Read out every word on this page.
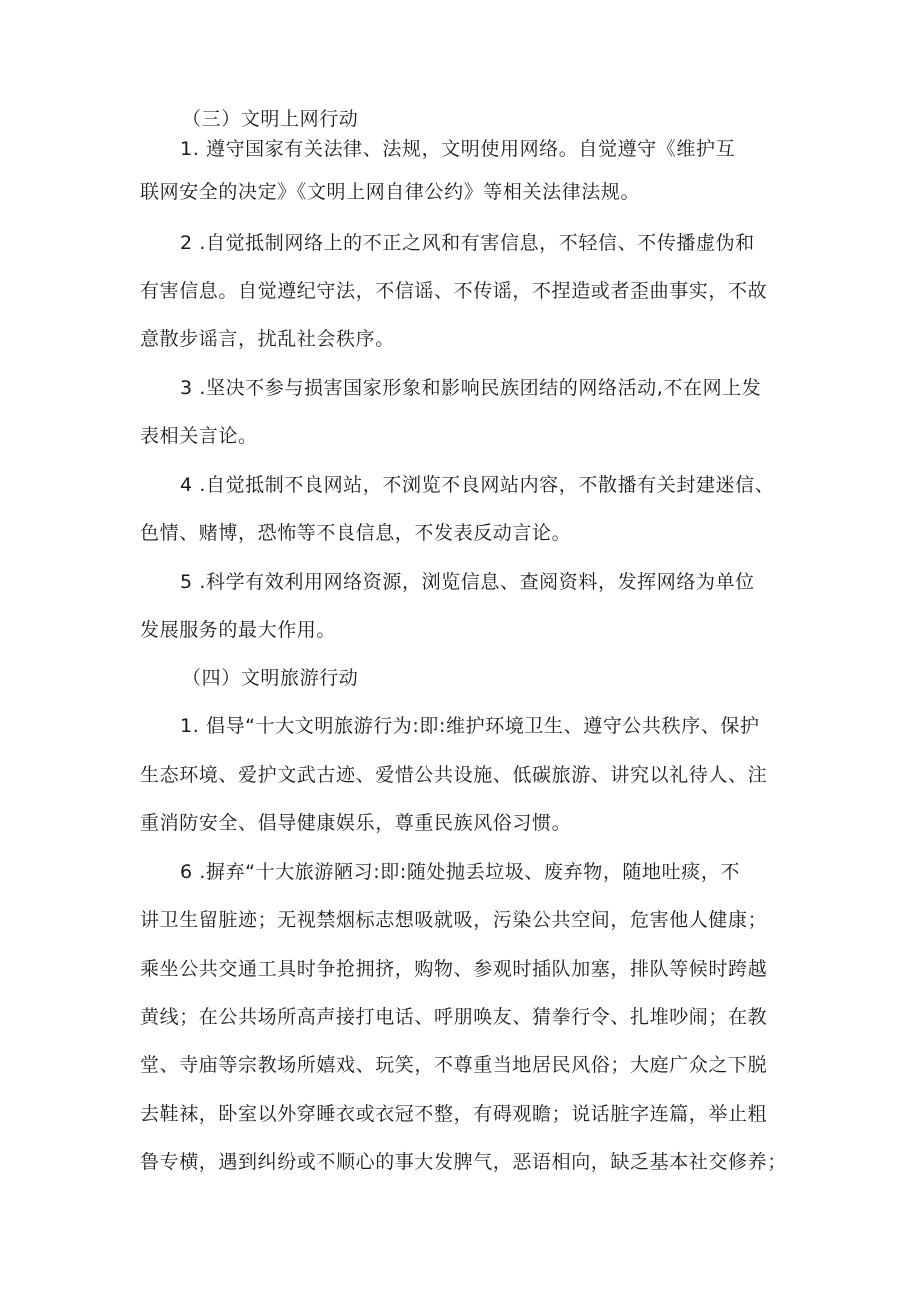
（三）文明上网行动

1. 遵守国家有关法律、法规，文明使用网络。自觉遵守《维护互

联网安全的决定》《文明上网自律公约》等相关法律法规。

2 .自觉抵制网络上的不正之风和有害信息，不轻信、不传播虚伪和

有害信息。自觉遵纪守法，不信谣、不传谣，不捏造或者歪曲事实，不故

意散步谣言，扰乱社会秩序。

3 .坚决不参与损害国家形象和影响民族团结的网络活动,不在网上发

表相关言论。

4 .自觉抵制不良网站，不浏览不良网站内容，不散播有关封建迷信、

色情、赌博，恐怖等不良信息，不发表反动言论。

5 .科学有效利用网络资源，浏览信息、查阅资料，发挥网络为单位

发展服务的最大作用。

（四）文明旅游行动

1. 倡导“十大文明旅游行为:即:维护环境卫生、遵守公共秩序、保护

生态环境、爱护文武古迹、爱惜公共设施、低碳旅游、讲究以礼待人、注

重消防安全、倡导健康娱乐，尊重民族风俗习惯。

6 .摒弃“十大旅游陋习:即:随处抛丢垃圾、废弃物，随地吐痰，不

讲卫生留脏迹；无视禁烟标志想吸就吸，污染公共空间，危害他人健康；

乘坐公共交通工具时争抢拥挤，购物、参观时插队加塞，排队等候时跨越

黄线；在公共场所高声接打电话、呼朋唤友、猜拳行令、扎堆吵闹；在教

堂、寺庙等宗教场所嬉戏、玩笑，不尊重当地居民风俗；大庭广众之下脱

去鞋袜，卧室以外穿睡衣或衣冠不整，有碍观瞻；说话脏字连篇，举止粗

鲁专横，遇到纠纷或不顺心的事大发脾气，恶语相向，缺乏基本社交修养；
